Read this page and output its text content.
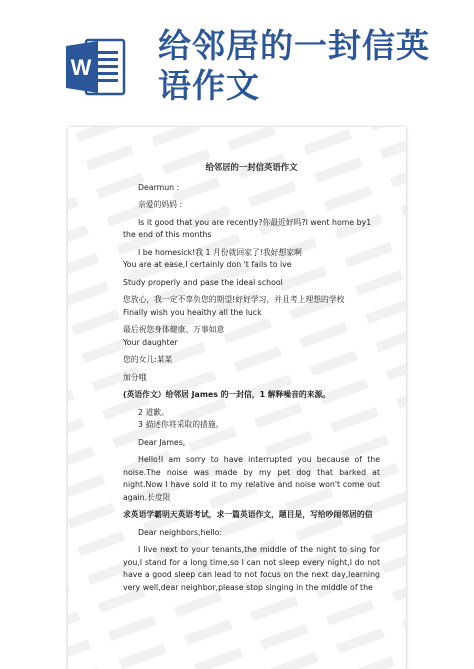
W
给邻居的一封信英
语作文
给邻居的一封信英语作文

Dearmun :

亲爱的妈妈 :

Is it good that you are recently?你最近好吗?I went home by1 the end of this months

I be homesick!我 1 月份就回家了!我好想家啊

You are at ease,I certainly don 't fails to ive

Study properly and pase the ideal school

您放心，我一定不辜负您的期望!好好学习，并且考上理想的学校

Finally wish you heaithy all the luck

最后祝您身体健康、万事如意

Your daughter

您的女儿:某某

加分哦

(英语作文）给邻居 James 的一封信，1 解释噪音的来源。

2 道歉。

3 描述你将采取的措施。

Dear James,

Hello!I am sorry to have interrupted you because of the noise.The noise was made by my pet dog that barked at night.Now I have sold it to my relative and noise won't come out again.长度限

求英语学霸明天英语考试，求一篇英语作文，题目是，写给吵闹邻居的信

Dear neighbors,hello:

I live next to your tenants,the middle of the night to sing for you,I stand for a long time,so I can not sleep every night,I do not have a good sleep can lead to not focus on the next day,learning very well,dear neighbor,please stop singing in the middle of the
